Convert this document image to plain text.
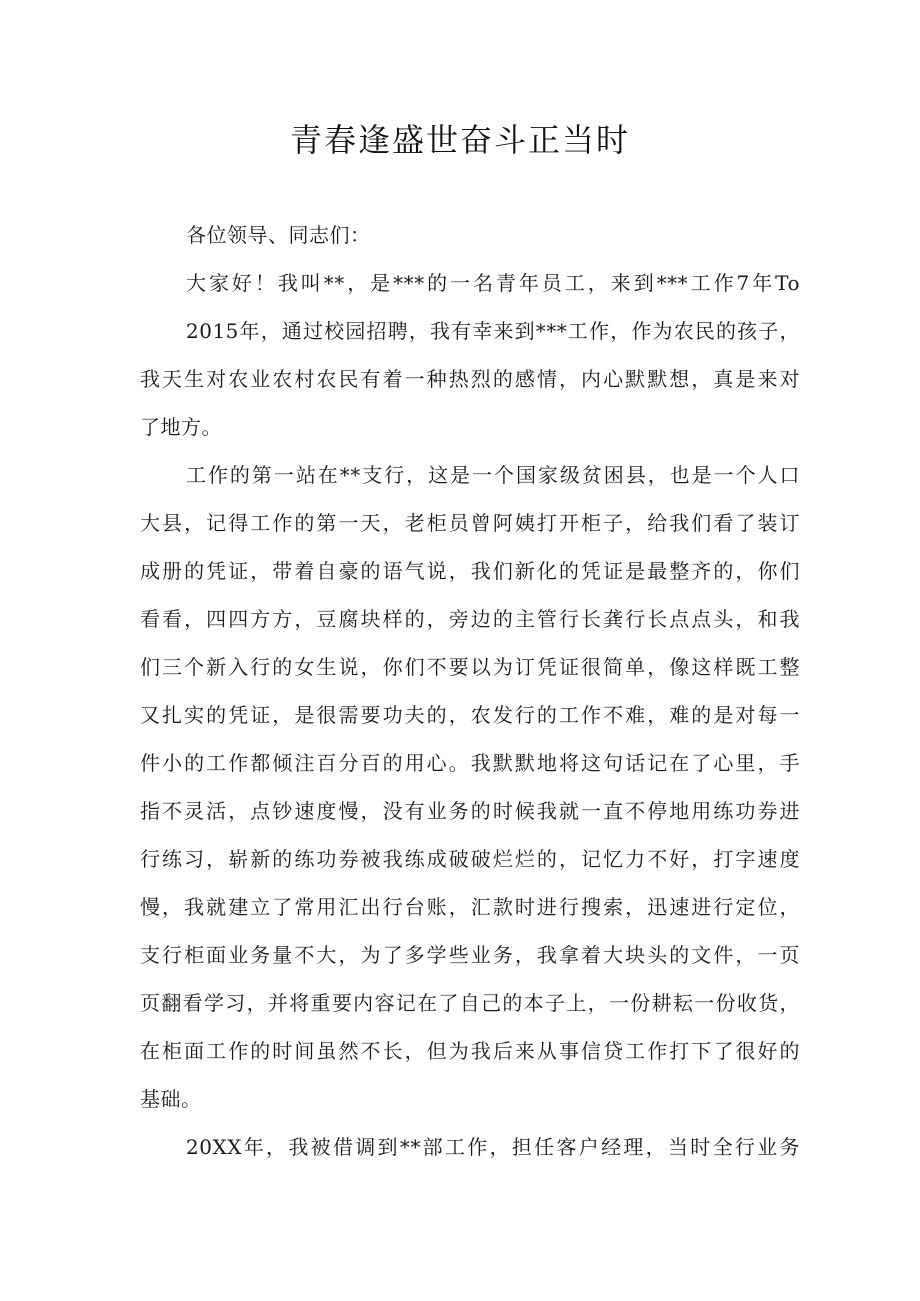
青春逢盛世奋斗正当时
各位领导、同志们：
大家好！我叫**，是***的一名青年员工，来到***工作7年To
2015年，通过校园招聘，我有幸来到***工作，作为农民的孩子，
我天生对农业农村农民有着一种热烈的感情，内心默默想，真是来对
了地方。
工作的第一站在**支行，这是一个国家级贫困县，也是一个人口
大县，记得工作的第一天，老柜员曾阿姨打开柜子，给我们看了装订
成册的凭证，带着自豪的语气说，我们新化的凭证是最整齐的，你们
看看，四四方方，豆腐块样的，旁边的主管行长龚行长点点头，和我
们三个新入行的女生说，你们不要以为订凭证很简单，像这样既工整
又扎实的凭证，是很需要功夫的，农发行的工作不难，难的是对每一
件小的工作都倾注百分百的用心。我默默地将这句话记在了心里，手
指不灵活，点钞速度慢，没有业务的时候我就一直不停地用练功券进
行练习，崭新的练功券被我练成破破烂烂的，记忆力不好，打字速度
慢，我就建立了常用汇出行台账，汇款时进行搜索，迅速进行定位，
支行柜面业务量不大，为了多学些业务，我拿着大块头的文件，一页
页翻看学习，并将重要内容记在了自己的本子上，一份耕耘一份收货，
在柜面工作的时间虽然不长，但为我后来从事信贷工作打下了很好的
基础。
20XX年，我被借调到**部工作，担任客户经理，当时全行业务
